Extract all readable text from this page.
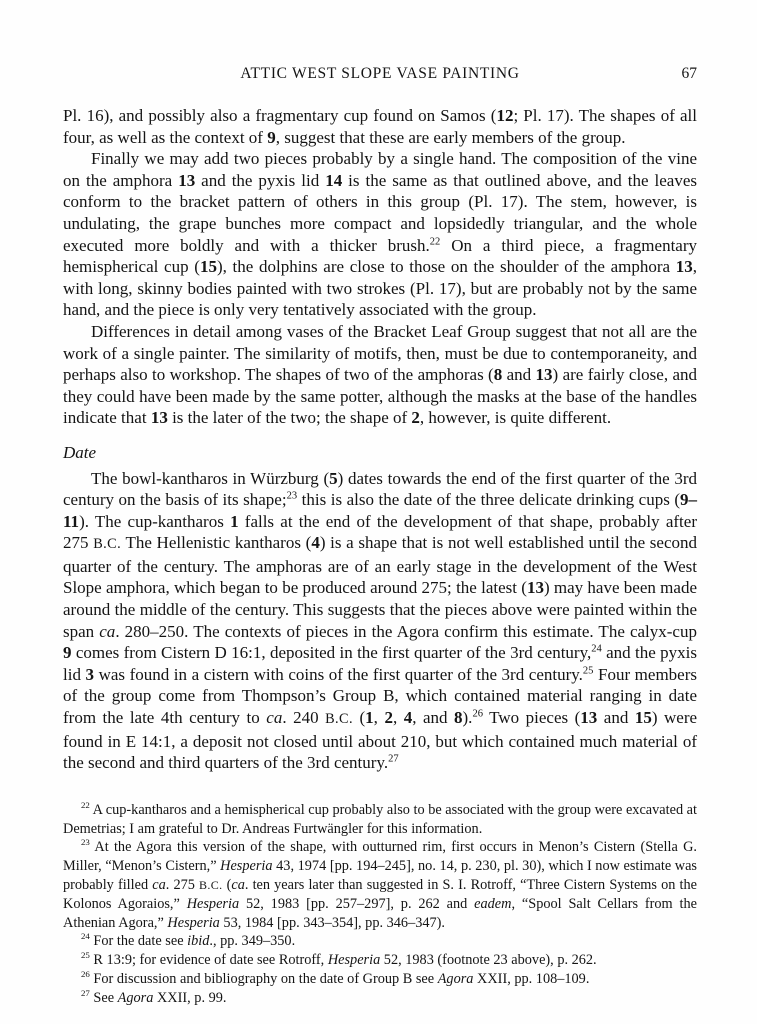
ATTIC WEST SLOPE VASE PAINTING	67

Pl. 16), and possibly also a fragmentary cup found on Samos (12; Pl. 17). The shapes of all four, as well as the context of 9, suggest that these are early members of the group.

Finally we may add two pieces probably by a single hand. The composition of the vine on the amphora 13 and the pyxis lid 14 is the same as that outlined above, and the leaves conform to the bracket pattern of others in this group (Pl. 17). The stem, however, is undulating, the grape bunches more compact and lopsidedly triangular, and the whole executed more boldly and with a thicker brush.$^{22}$ On a third piece, a fragmentary hemispherical cup (15), the dolphins are close to those on the shoulder of the amphora 13, with long, skinny bodies painted with two strokes (Pl. 17), but are probably not by the same hand, and the piece is only very tentatively associated with the group.

Differences in detail among vases of the Bracket Leaf Group suggest that not all are the work of a single painter. The similarity of motifs, then, must be due to contemporaneity, and perhaps also to workshop. The shapes of two of the amphoras (8 and 13) are fairly close, and they could have been made by the same potter, although the masks at the base of the handles indicate that 13 is the later of the two; the shape of 2, however, is quite different.

Date

The bowl-kantharos in Würzburg (5) dates towards the end of the first quarter of the 3rd century on the basis of its shape;$^{23}$ this is also the date of the three delicate drinking cups (9–11). The cup-kantharos 1 falls at the end of the development of that shape, probably after 275 B.C. The Hellenistic kantharos (4) is a shape that is not well established until the second quarter of the century. The amphoras are of an early stage in the development of the West Slope amphora, which began to be produced around 275; the latest (13) may have been made around the middle of the century. This suggests that the pieces above were painted within the span ca. 280–250. The contexts of pieces in the Agora confirm this estimate. The calyx-cup 9 comes from Cistern D 16:1, deposited in the first quarter of the 3rd century,$^{24}$ and the pyxis lid 3 was found in a cistern with coins of the first quarter of the 3rd century.$^{25}$ Four members of the group come from Thompson’s Group B, which contained material ranging in date from the late 4th century to ca. 240 B.C. (1, 2, 4, and 8).$^{26}$ Two pieces (13 and 15) were found in E 14:1, a deposit not closed until about 210, but which contained much material of the second and third quarters of the 3rd century.$^{27}$

$^{22}$ A cup-kantharos and a hemispherical cup probably also to be associated with the group were excavated at Demetrias; I am grateful to Dr. Andreas Furtwängler for this information.

$^{23}$ At the Agora this version of the shape, with outturned rim, first occurs in Menon’s Cistern (Stella G. Miller, “Menon’s Cistern,” Hesperia 43, 1974 [pp. 194–245], no. 14, p. 230, pl. 30), which I now estimate was probably filled ca. 275 B.C. (ca. ten years later than suggested in S. I. Rotroff, “Three Cistern Systems on the Kolonos Agoraios,” Hesperia 52, 1983 [pp. 257–297], p. 262 and eadem, “Spool Salt Cellars from the Athenian Agora,” Hesperia 53, 1984 [pp. 343–354], pp. 346–347).

$^{24}$ For the date see ibid., pp. 349–350.

$^{25}$ R 13:9; for evidence of date see Rotroff, Hesperia 52, 1983 (footnote 23 above), p. 262.

$^{26}$ For discussion and bibliography on the date of Group B see Agora XXII, pp. 108–109.

$^{27}$ See Agora XXII, p. 99.
